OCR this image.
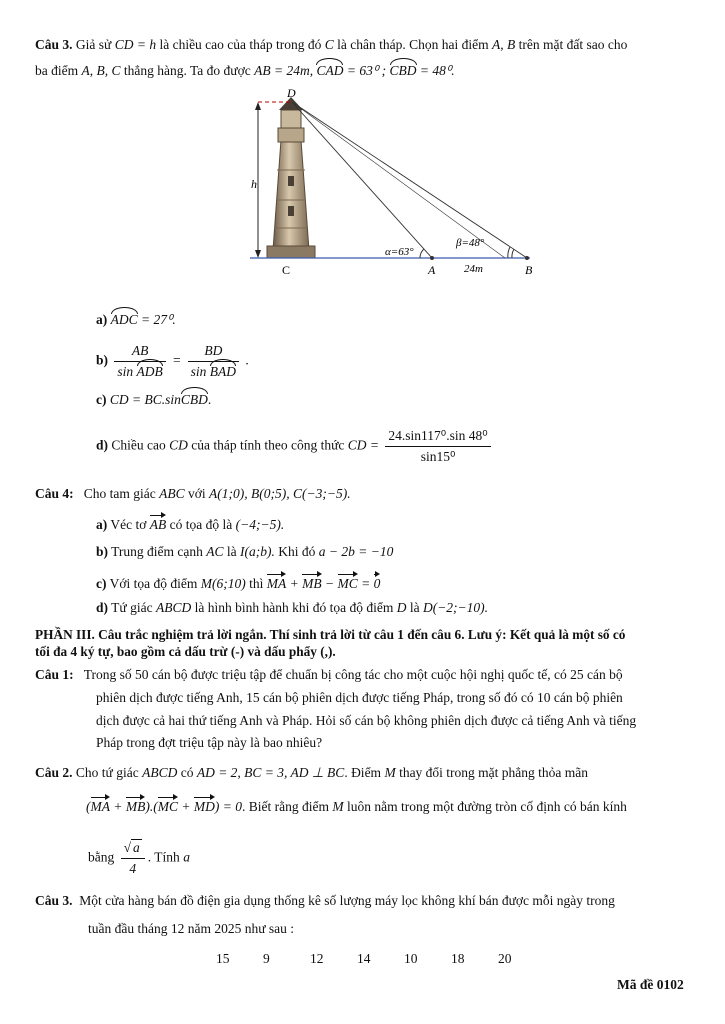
Câu 3. Giả sử CD = h là chiều cao của tháp trong đó C là chân tháp. Chọn hai điểm A, B trên mặt đất sao cho
ba điểm A, B, C thẳng hàng. Ta đo được AB = 24m, CAD = 63⁰ ; CBD = 48⁰.
D
h
C	A	B
α=63°
β=48°
24m
a) ADC = 27⁰.
$b) \frac{AB}{\text{sin ADB}} = \frac{BD}{\text{sin BAD}}$ .
c) CD = BC.sinCBD.
d) Chiều cao CD của tháp tính theo công thức CD = $\frac{\text{24.sin117⁰.sin 48⁰}}{\text{sin15⁰}}$
Câu 4: Cho tam giác ABC với A(1;0), B(0;5), C(−3;−5).
a) Véc tơ AB có tọa độ là (−4;−5).
b) Trung điểm cạnh AC là I(a;b). Khi đó a − 2b = −10
c) Với tọa độ điểm M(6;10) thì MA + MB − MC = 0
d) Tứ giác ABCD là hình bình hành khi đó tọa độ điểm D là D(−2;−10).
PHẦN III. Câu trắc nghiệm trả lời ngắn. Thí sinh trả lời từ câu 1 đến câu 6. Lưu ý: Kết quả là một số có
tối đa 4 ký tự, bao gồm cả dấu trừ (-) và dấu phẩy (,).
Câu 1: Trong số 50 cán bộ được triệu tập để chuẩn bị công tác cho một cuộc hội nghị quốc tế, có 25 cán bộ
phiên dịch được tiếng Anh, 15 cán bộ phiên dịch được tiếng Pháp, trong số đó có 10 cán bộ phiên
dịch được cả hai thứ tiếng Anh và Pháp. Hỏi số cán bộ không phiên dịch được cả tiếng Anh và tiếng
Pháp trong đợt triệu tập này là bao nhiêu?
Câu 2. Cho tứ giác ABCD có AD = 2, BC = 3, AD ⊥ BC. Điểm M thay đổi trong mặt phẳng thỏa mãn
(MA + MB).(MC + MD) = 0. Biết rằng điểm M luôn nằm trong một đường tròn cố định có bán kính
bằng $\frac{√ a}{4}$ . Tính a
Câu 3. Một cửa hàng bán đồ điện gia dụng thống kê số lượng máy lọc không khí bán được mỗi ngày trong
tuần đầu tháng 12 năm 2025 như sau :
15 9	12 14 10 18 20
Mã đề 0102
